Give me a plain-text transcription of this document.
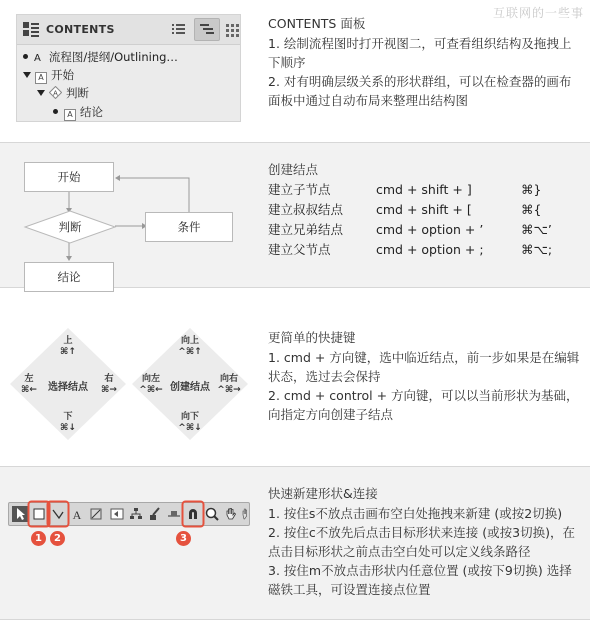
互联网的一些事
CONTENTS
A 流程图/提纲/Outlining…
A 开始
A 判断
A 结论

CONTENTS 面板

1. 绘制流程图时打开视图二，可查看组织结构及拖拽上下顺序

2. 对有明确层级关系的形状群组，可以在检查器的画布面板中通过自动布局来整理出结构图

开始
判断	条件
结论

创建结点

建立子节点	cmd + shift + ]	⌘}
建立叔叔结点	cmd + shift + [	⌘{
建立兄弟结点	cmd + option + ’	⌘⌥’
建立父节点	cmd + option + ;	⌘⌥;
上
⌘↑
下
⌘↓
左
⌘←
右
⌘→
选择结点
向上
^⌘↑
向下
^⌘↓
向左
^⌘←
向右
^⌘→
创建结点

更简单的快捷键

1. cmd + 方向键，选中临近结点，前一步如果是在编辑状态，选过去会保持

2. cmd + control + 方向键，可以以当前形状为基础，向指定方向创建子结点

A
1	2	3

快速新建形状&连接

1. 按住s不放点击画布空白处拖拽来新建 (或按2切换)

2. 按住c不放先后点击目标形状来连接 (或按3切换)，在点击目标形状之前点击空白处可以定义线条路径

3. 按住m不放点击形状内任意位置 (或按下9切换) 选择磁铁工具，可设置连接点位置
